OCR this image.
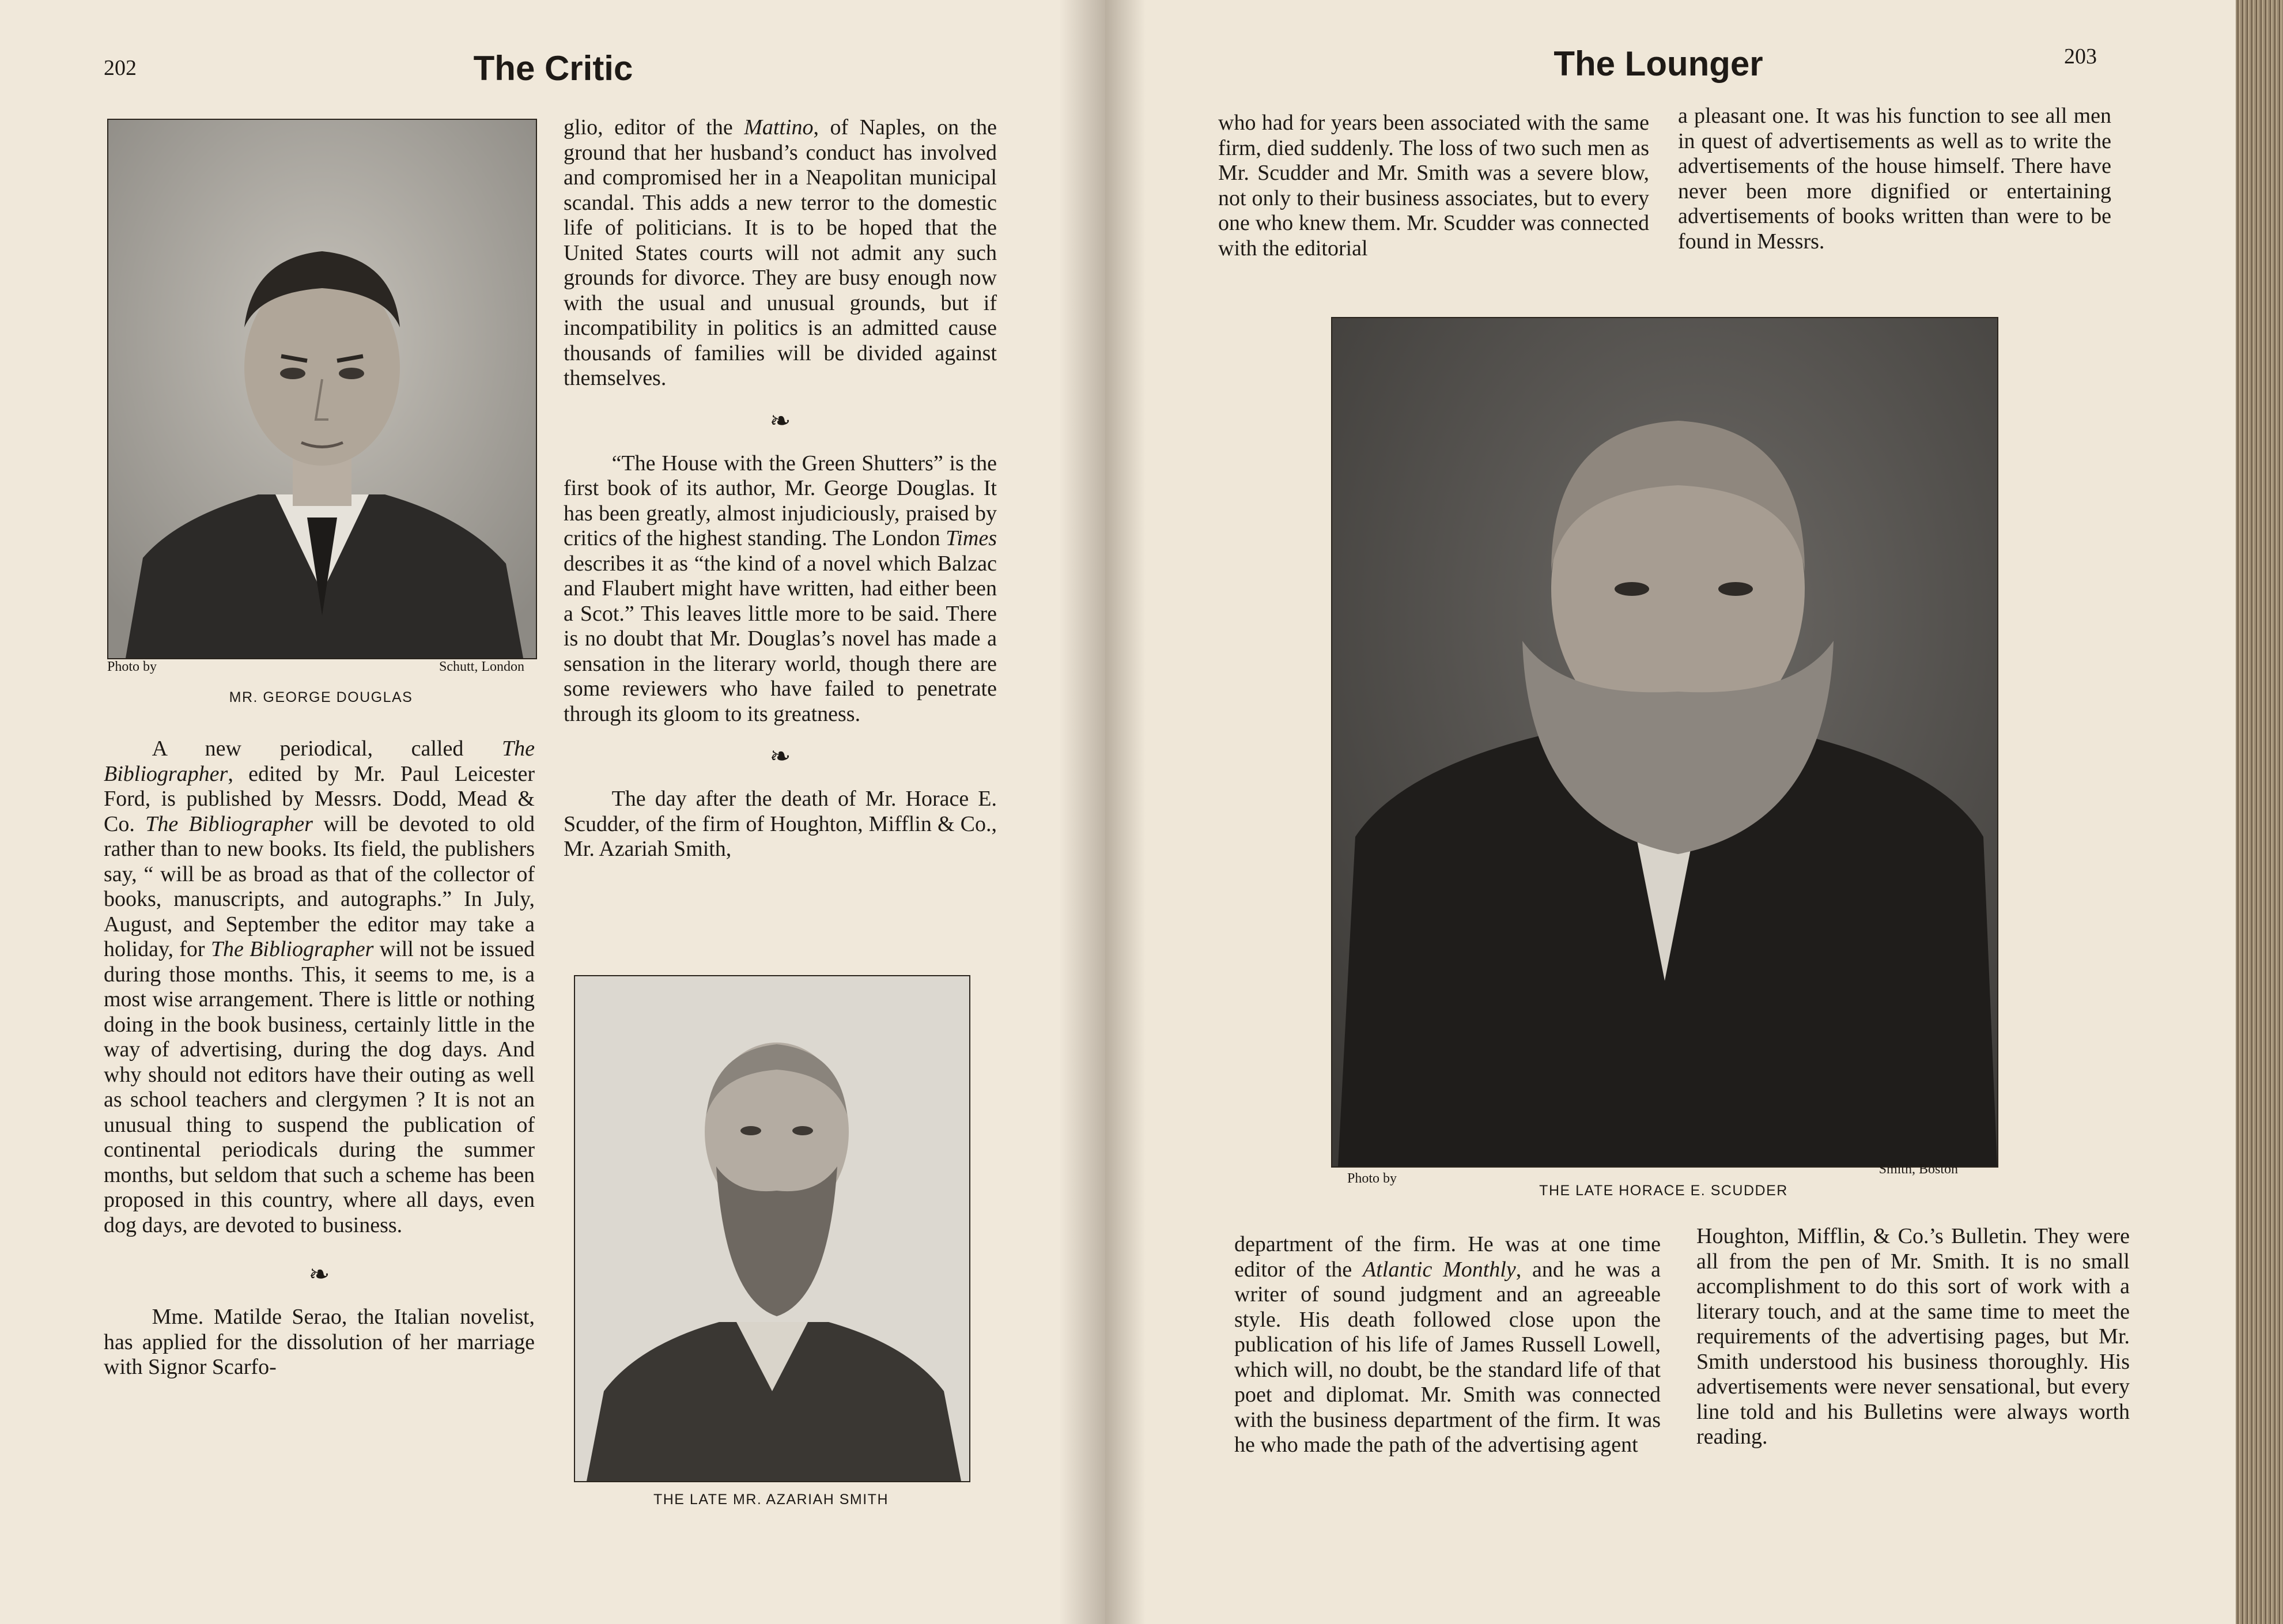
202	The Critic
Photo by	Schutt, London
MR. GEORGE DOUGLAS

A new periodical, called The Bibliographer, edited by Mr. Paul Leicester Ford, is published by Messrs. Dodd, Mead & Co. The Bibliographer will be devoted to old rather than to new books. Its field, the publishers say, “ will be as broad as that of the collector of books, manuscripts, and autographs.” In July, August, and September the editor may take a holiday, for The Bibliographer will not be issued during those months. This, it seems to me, is a most wise arrangement. There is little or nothing doing in the book business, certainly little in the way of advertising, during the dog days. And why should not editors have their outing as well as school teachers and clergymen ? It is not an unusual thing to suspend the publication of continental periodicals during the summer months, but seldom that such a scheme has been proposed in this country, where all days, even dog days, are devoted to business.

❧

Mme. Matilde Serao, the Italian novelist, has applied for the dissolution of her marriage with Signor Scarfo-

glio, editor of the Mattino, of Naples, on the ground that her husband’s conduct has involved and compromised her in a Neapolitan municipal scandal. This adds a new terror to the domestic life of politicians. It is to be hoped that the United States courts will not admit any such grounds for divorce. They are busy enough now with the usual and unusual grounds, but if incompatibility in politics is an admitted cause thousands of families will be divided against themselves.

❧

“The House with the Green Shutters” is the first book of its author, Mr. George Douglas. It has been greatly, almost injudiciously, praised by critics of the highest standing. The London Times describes it as “the kind of a novel which Balzac and Flaubert might have written, had either been a Scot.” This leaves little more to be said. There is no doubt that Mr. Douglas’s novel has made a sensation in the literary world, though there are some reviewers who have failed to penetrate through its gloom to its greatness.

❧

The day after the death of Mr. Horace E. Scudder, of the firm of Houghton, Mifflin & Co., Mr. Azariah Smith,

THE LATE MR. AZARIAH SMITH
The Lounger	203

who had for years been associated with the same firm, died suddenly. The loss of two such men as Mr. Scudder and Mr. Smith was a severe blow, not only to their business associates, but to every one who knew them. Mr. Scudder was connected with the editorial

a pleasant one. It was his function to see all men in quest of advertisements as well as to write the advertisements of the house himself. There have never been more dignified or entertaining advertisements of books written than were to be found in Messrs.

Photo by
Smith, Boston
THE LATE HORACE E. SCUDDER

department of the firm. He was at one time editor of the Atlantic Monthly, and he was a writer of sound judgment and an agreeable style. His death followed close upon the publication of his life of James Russell Lowell, which will, no doubt, be the standard life of that poet and diplomat. Mr. Smith was connected with the business department of the firm. It was he who made the path of the advertising agent

Houghton, Mifflin, & Co.’s Bulletin. They were all from the pen of Mr. Smith. It is no small accomplishment to do this sort of work with a literary touch, and at the same time to meet the requirements of the advertising pages, but Mr. Smith understood his business thoroughly. His advertisements were never sensational, but every line told and his Bulletins were always worth reading.
